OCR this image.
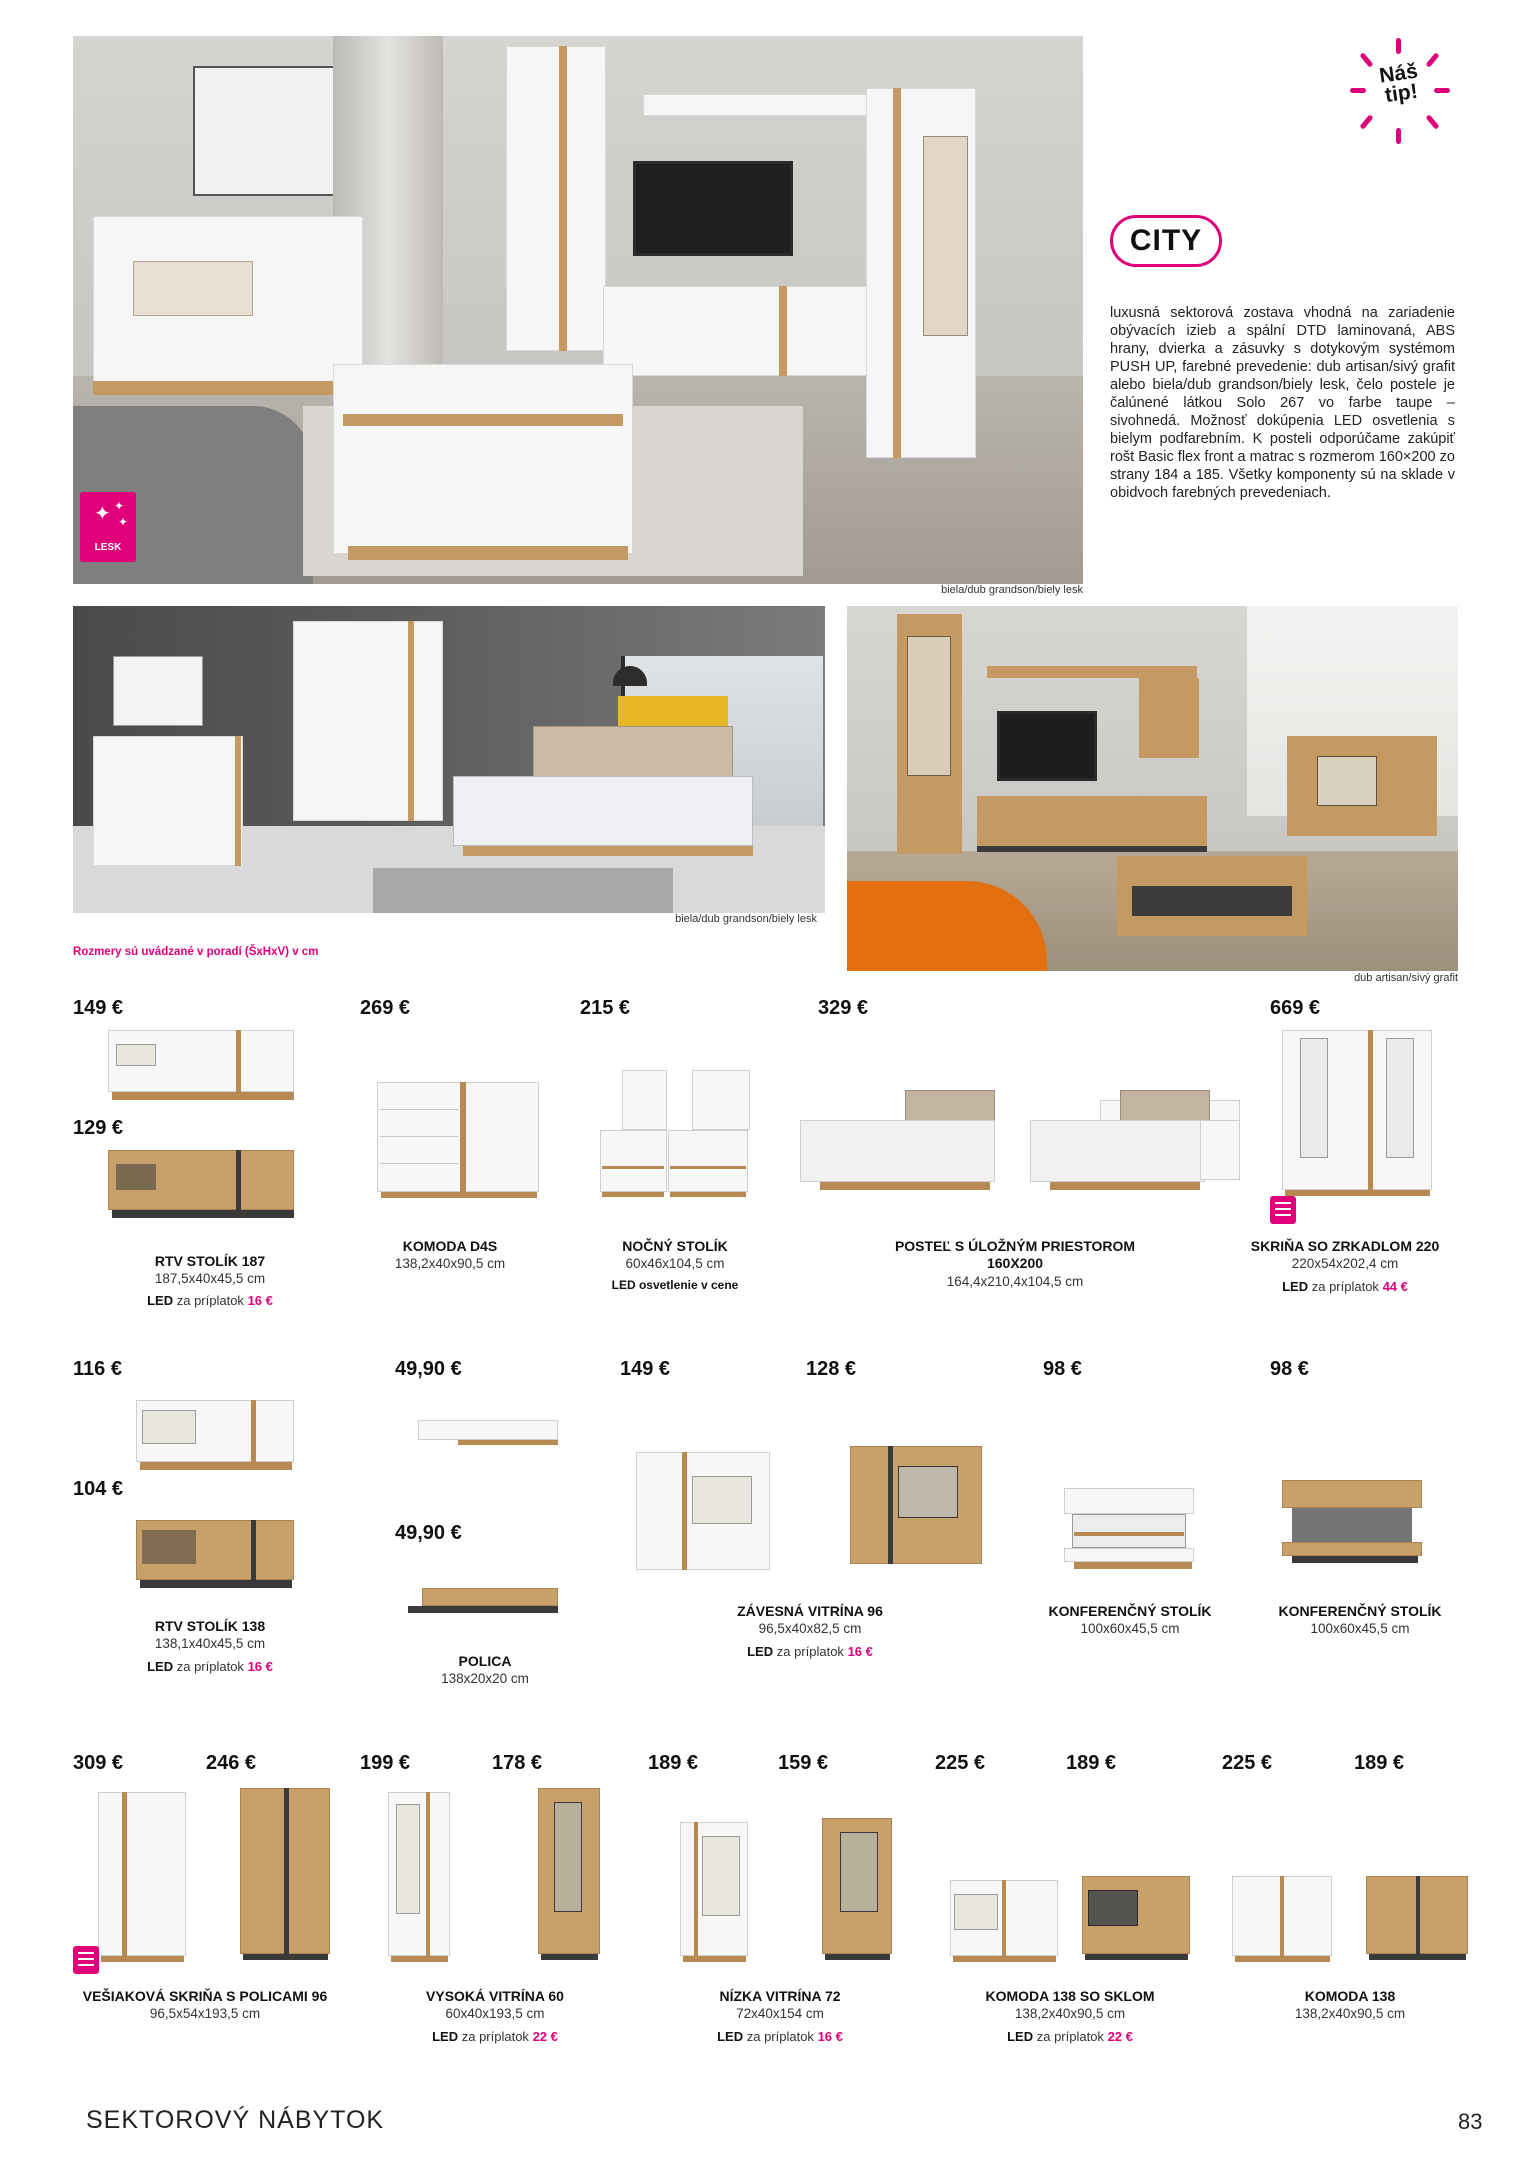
biela/dub grandson/biely lesk
✦ ✦
✦
LESK
Náš tip!
CITY
luxusná sektorová zostava vhodná na zariadenie obývacích izieb a spální DTD laminovaná, ABS hrany, dvierka a zásuvky s dotykovým systémom PUSH UP, farebné prevedenie: dub artisan/sivý grafit alebo biela/dub grandson/biely lesk, čelo postele je čalúnené látkou Solo 267 vo farbe taupe – sivohnedá. Možnosť dokúpenia LED osvetlenia s bielym podfarebním. K posteli odporúčame zakúpiť rošt Basic flex front a matrac s rozmerom 160×200 zo strany 184 a 185. Všetky komponenty sú na sklade v obidvoch farebných prevedeniach.
biela/dub grandson/biely lesk
dub artisan/sivý grafit
Rozmery sú uvádzané v poradí (ŠxHxV) v cm
149 €
129 €
RTV STOLÍK 187
187,5x40x45,5 cm
LED za príplatok 16 €
269 €
KOMODA D4S
138,2x40x90,5 cm
215 €
NOČNÝ STOLÍK
60x46x104,5 cm
LED osvetlenie v cene
329 €
POSTEĽ S ÚLOŽNÝM PRIESTOROM 160X200
164,4x210,4x104,5 cm
669 €
SKRIŇA SO ZRKADLOM 220
220x54x202,4 cm
LED za príplatok 44 €
116 €
104 €
RTV STOLÍK 138
138,1x40x45,5 cm
LED za príplatok 16 €
49,90 €
49,90 €
POLICA
138x20x20 cm
149 €	128 €
ZÁVESNÁ VITRÍNA 96
96,5x40x82,5 cm
LED za príplatok 16 €
98 €
KONFERENČNÝ STOLÍK
100x60x45,5 cm
98 €
KONFERENČNÝ STOLÍK
100x60x45,5 cm
309 €	246 €
VEŠIAKOVÁ SKRIŇA S POLICAMI 96
96,5x54x193,5 cm
199 €	178 €
VYSOKÁ VITRÍNA 60
60x40x193,5 cm
LED za príplatok 22 €
189 €	159 €
NÍZKA VITRÍNA 72
72x40x154 cm
LED za príplatok 16 €
225 €	189 €
KOMODA 138 SO SKLOM
138,2x40x90,5 cm
LED za príplatok 22 €
225 €	189 €
KOMODA 138
138,2x40x90,5 cm
SEKTOROVÝ NÁBYTOK	83
